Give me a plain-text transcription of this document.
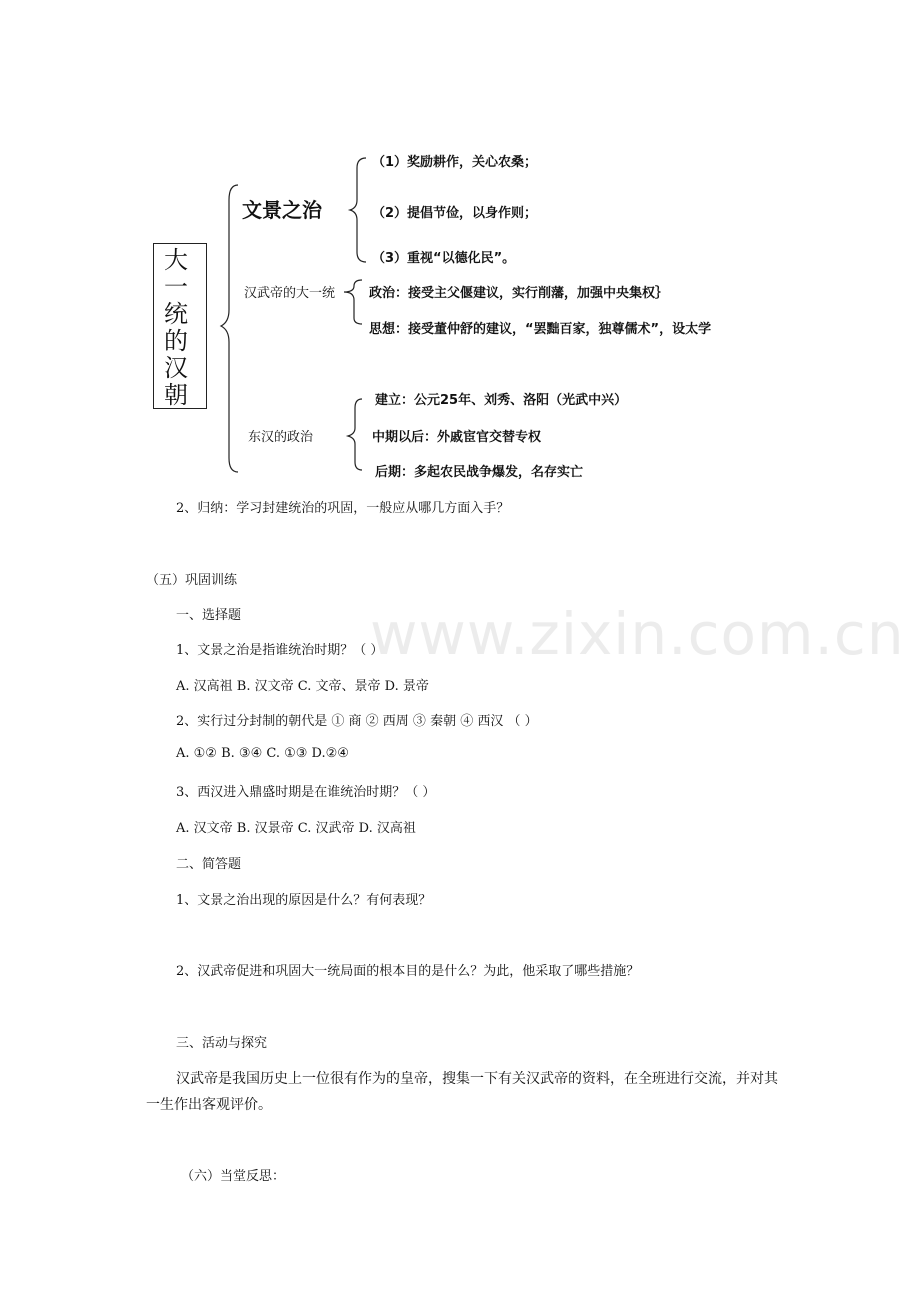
www.zixin.com.cn
大一统的汉朝
文景之治
汉武帝的大一统
东汉的政治
（1）奖励耕作，关心农桑；
（2）提倡节俭，以身作则；
（3）重视“以德化民”。
政治：接受主父偃建议，实行削藩，加强中央集权｝
思想：接受董仲舒的建议，“罢黜百家，独尊儒术”，设太学
建立：公元25年、刘秀、洛阳（光武中兴）
中期以后：外戚宦官交替专权
后期：多起农民战争爆发，名存实亡
2、归纳：学习封建统治的巩固，一般应从哪几方面入手？
（五）巩固训练
一、选择题
1、文景之治是指谁统治时期？（ ）
A. 汉高祖 B. 汉文帝 C. 文帝、景帝 D. 景帝
2、实行过分封制的朝代是 ① 商 ② 西周 ③ 秦朝 ④ 西汉 （ ）
A. ①② B. ③④ C. ①③ D.②④
3、西汉进入鼎盛时期是在谁统治时期？（ ）
A. 汉文帝 B. 汉景帝 C. 汉武帝 D. 汉高祖
二、简答题
1、文景之治出现的原因是什么？有何表现？
2、汉武帝促进和巩固大一统局面的根本目的是什么？为此，他采取了哪些措施？
三、活动与探究
汉武帝是我国历史上一位很有作为的皇帝，搜集一下有关汉武帝的资料，在全班进行交流，并对其
一生作出客观评价。
（六）当堂反思：
